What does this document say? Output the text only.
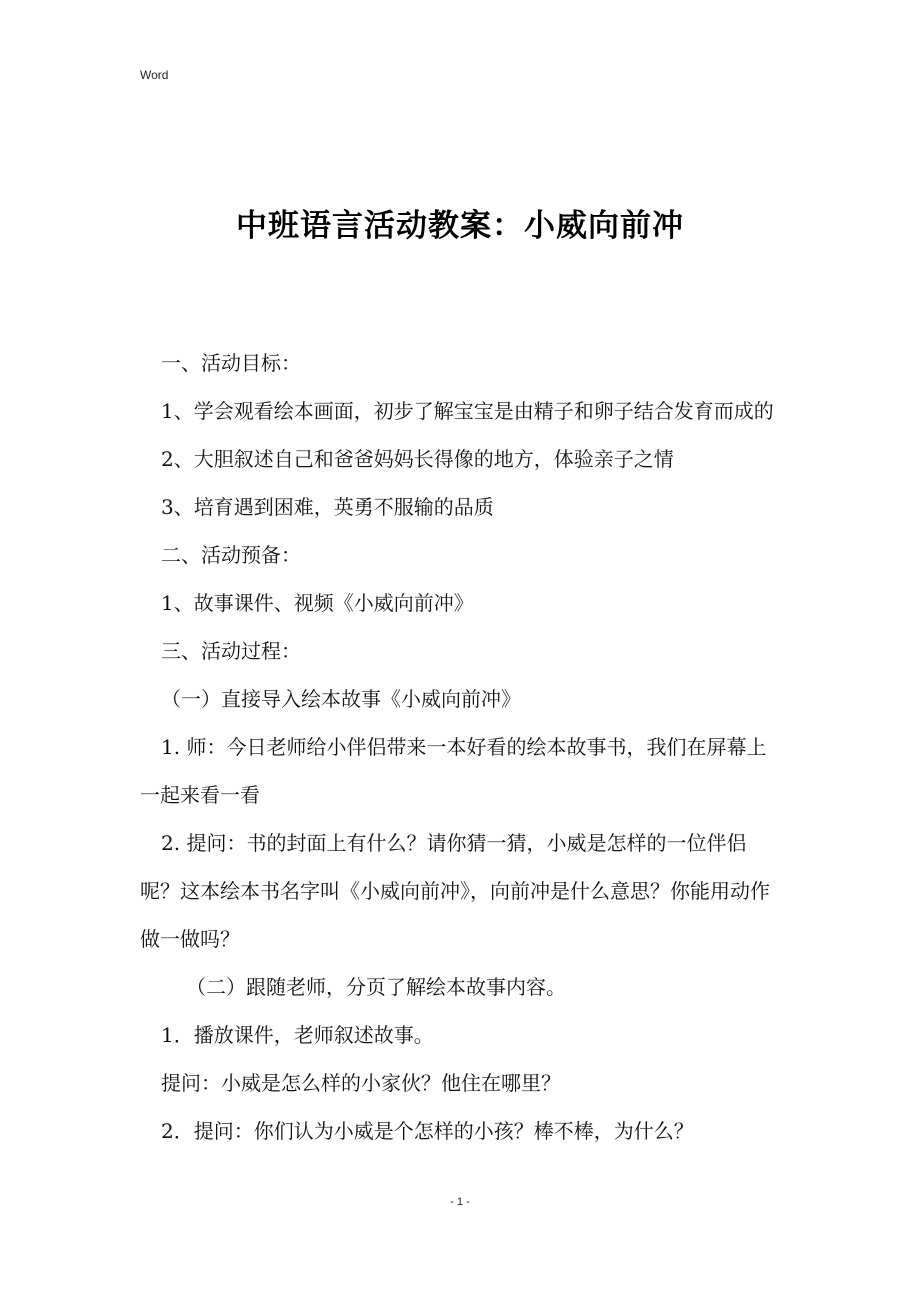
Word
中班语言活动教案：小威向前冲

一、活动目标：

1、学会观看绘本画面，初步了解宝宝是由精子和卵子结合发育而成的

2、大胆叙述自己和爸爸妈妈长得像的地方，体验亲子之情

3、培育遇到困难，英勇不服输的品质

二、活动预备：

1、故事课件、视频《小威向前冲》

三、活动过程：

（一）直接导入绘本故事《小威向前冲》

1. 师：今日老师给小伴侣带来一本好看的绘本故事书，我们在屏幕上一起来看一看

2. 提问：书的封面上有什么？请你猜一猜，小威是怎样的一位伴侣呢？这本绘本书名字叫《小威向前冲》，向前冲是什么意思？你能用动作做一做吗？

（二）跟随老师，分页了解绘本故事内容。

1．播放课件，老师叙述故事。

提问：小威是怎么样的小家伙？他住在哪里？

2．提问：你们认为小威是个怎样的小孩？棒不棒，为什么？

- 1 -
